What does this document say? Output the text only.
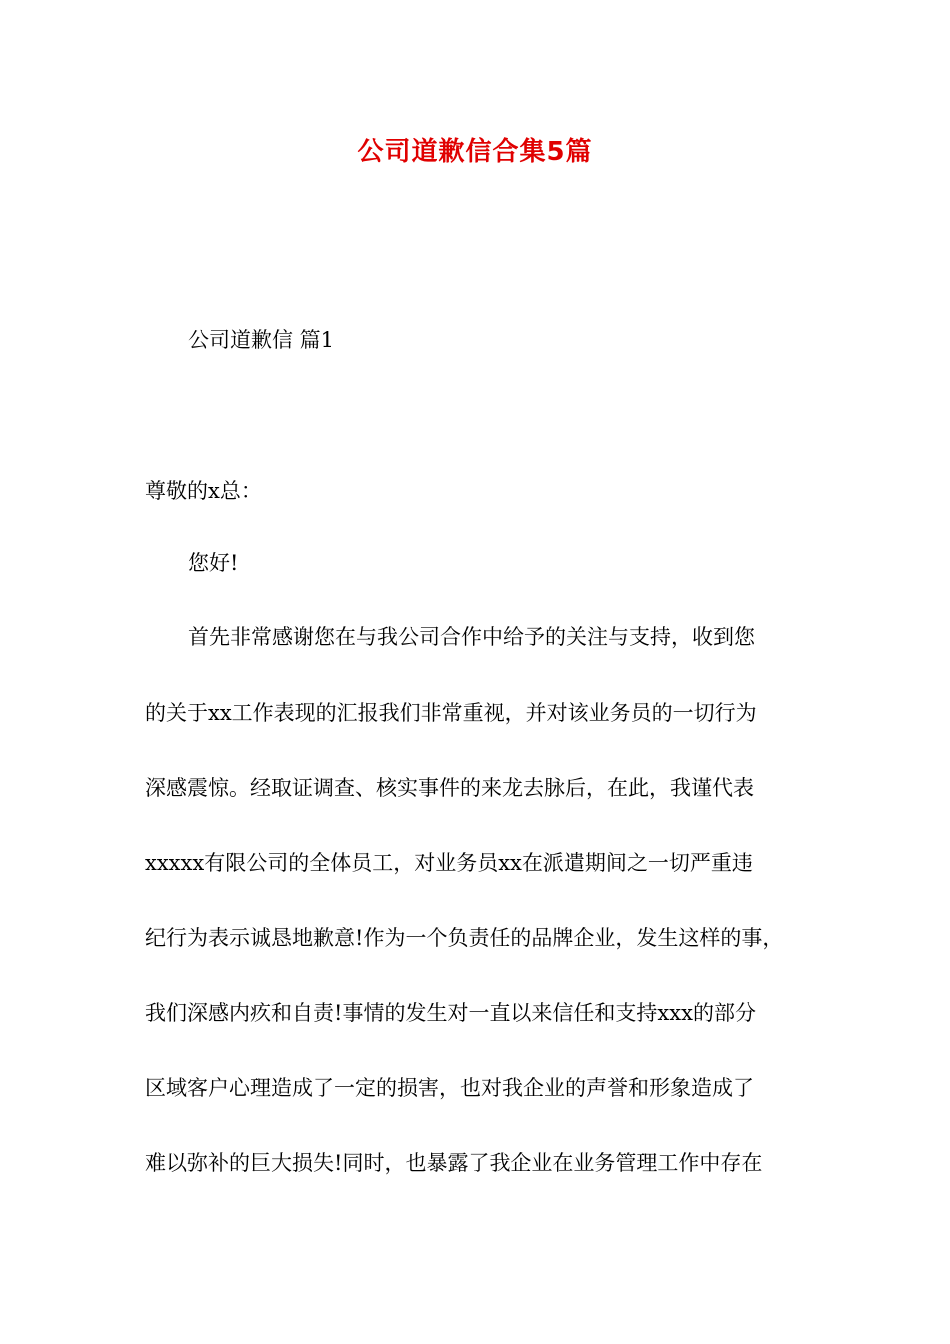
公司道歉信合集5篇
公司道歉信 篇1
尊敬的x总：
您好!
首先非常感谢您在与我公司合作中给予的关注与支持，收到您
的关于xx工作表现的汇报我们非常重视，并对该业务员的一切行为
深感震惊。经取证调查、核实事件的来龙去脉后，在此，我谨代表
xxxxx有限公司的全体员工，对业务员xx在派遣期间之一切严重违
纪行为表示诚恳地歉意!作为一个负责任的品牌企业，发生这样的事，
我们深感内疚和自责!事情的发生对一直以来信任和支持xxx的部分
区域客户心理造成了一定的损害，也对我企业的声誉和形象造成了
难以弥补的巨大损失!同时，也暴露了我企业在业务管理工作中存在
